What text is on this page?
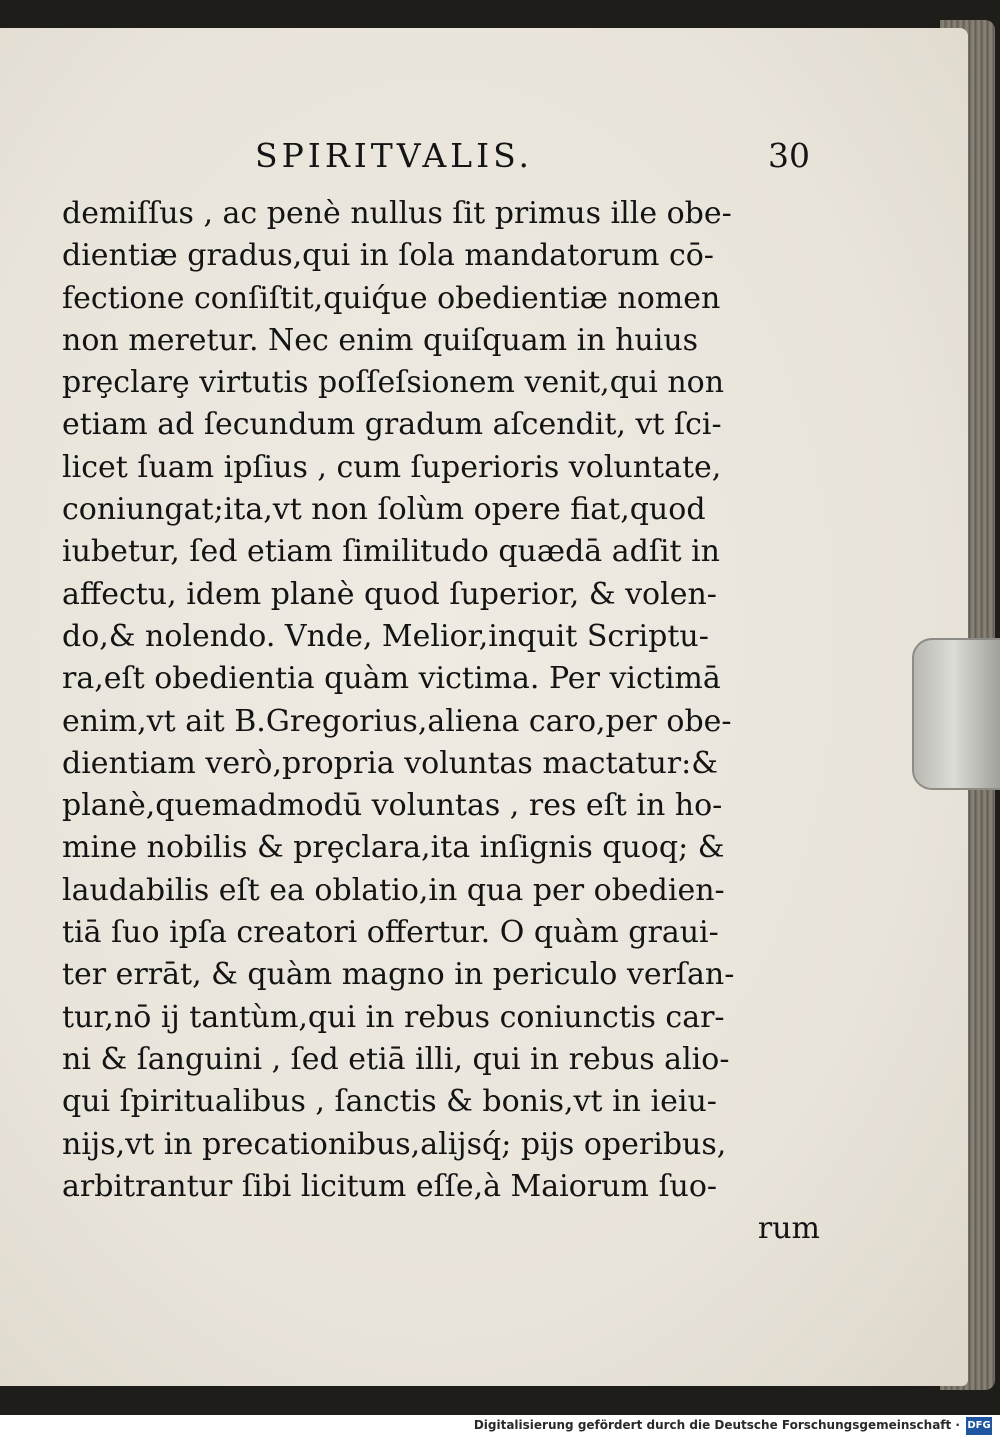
SPIRITVALIS.	30
demiſſus , ac penè nullus ſit primus ille obe-
dientiæ gradus,qui in ſola mandatorum cō-
fectione conſiſtit,quiq́ue obedientiæ nomen
non meretur. Nec enim quiſquam in huius
prȩclarȩ virtutis poſſeſsionem venit,qui non
etiam ad ſecundum gradum aſcendit, vt ſci-
licet ſuam ipſius , cum ſuperioris voluntate,
coniungat;ita,vt non ſolùm opere fiat,quod
iubetur, ſed etiam ſimilitudo quædā adſit in
affectu, idem planè quod ſuperior, & volen-
do,& nolendo. Vnde, Melior,inquit Scriptu-
ra,eſt obedientia quàm victima. Per victimā
enim,vt ait B.Gregorius,aliena caro,per obe-
dientiam verò,propria voluntas mactatur:&
planè,quemadmodū voluntas , res eſt in ho-
mine nobilis & prȩclara,ita inſignis quoq; &
laudabilis eſt ea oblatio,in qua per obedien-
tiā ſuo ipſa creatori offertur. O quàm graui-
ter errāt, & quàm magno in periculo verſan-
tur,nō ij tantùm,qui in rebus coniunctis car-
ni & ſanguini , ſed etiā illi, qui in rebus alio-
qui ſpiritualibus , ſanctis & bonis,vt in ieiu-
nijs,vt in precationibus,alijsq́; pijs operibus,
arbitrantur ſibi licitum eſſe,à Maiorum ſuo-
rum
Digitalisierung gefördert durch die Deutsche Forschungsgemeinschaft · DFG
